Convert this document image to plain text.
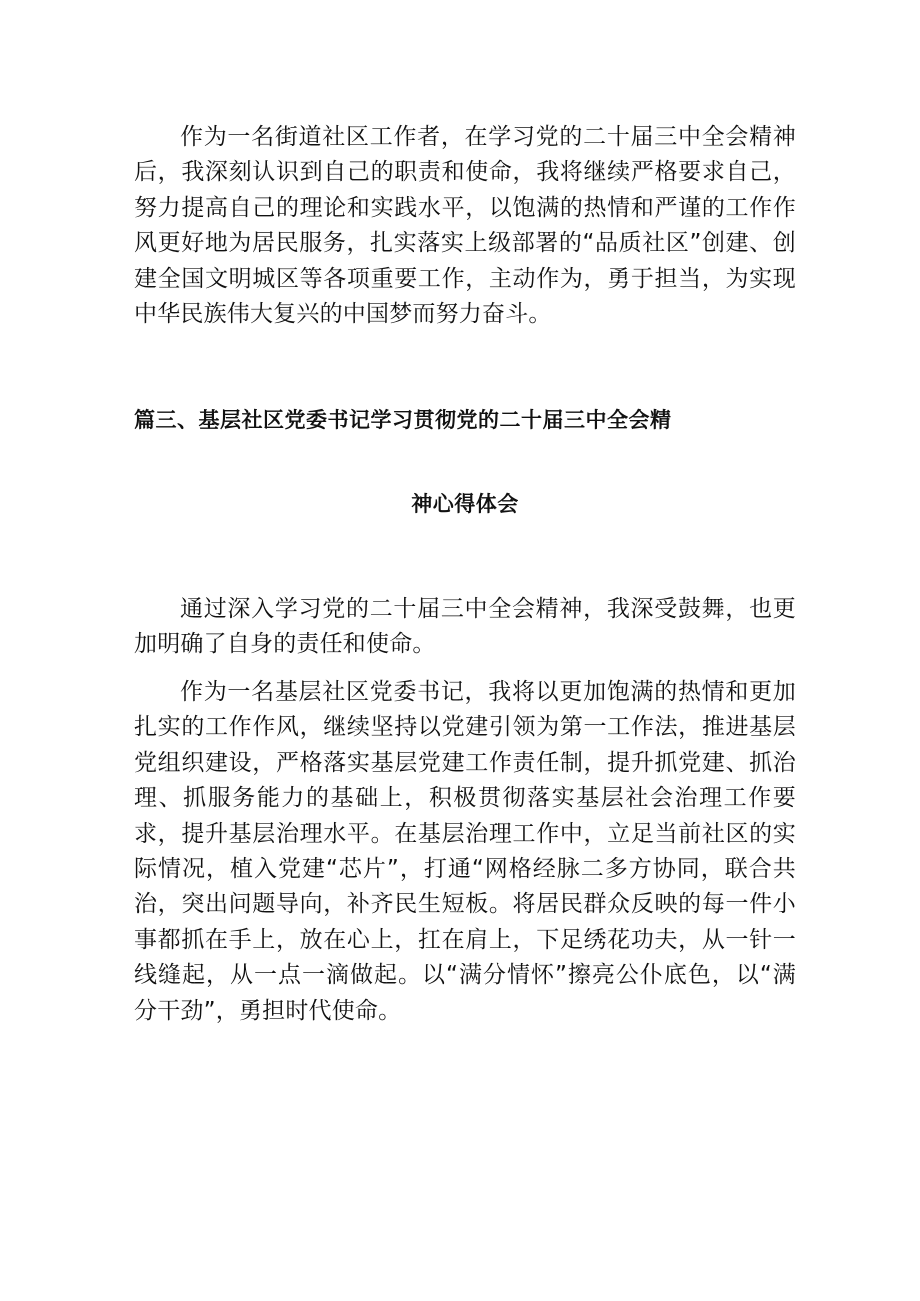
作为一名街道社区工作者，在学习党的二十届三中全会精神后，我深刻认识到自己的职责和使命，我将继续严格要求自己，努力提高自己的理论和实践水平，以饱满的热情和严谨的工作作风更好地为居民服务，扎实落实上级部署的“品质社区”创建、创建全国文明城区等各项重要工作，主动作为，勇于担当，为实现中华民族伟大复兴的中国梦而努力奋斗。

篇三、基层社区党委书记学习贯彻党的二十届三中全会精
神心得体会

通过深入学习党的二十届三中全会精神，我深受鼓舞，也更加明确了自身的责任和使命。

作为一名基层社区党委书记，我将以更加饱满的热情和更加扎实的工作作风，继续坚持以党建引领为第一工作法，推进基层党组织建设，严格落实基层党建工作责任制，提升抓党建、抓治理、抓服务能力的基础上，积极贯彻落实基层社会治理工作要求，提升基层治理水平。在基层治理工作中，立足当前社区的实际情况，植入党建“芯片”，打通“网格经脉二多方协同，联合共治，突出问题导向，补齐民生短板。将居民群众反映的每一件小事都抓在手上，放在心上，扛在肩上，下足绣花功夫，从一针一线缝起，从一点一滴做起。以“满分情怀”擦亮公仆底色，以“满分干劲”，勇担时代使命。
